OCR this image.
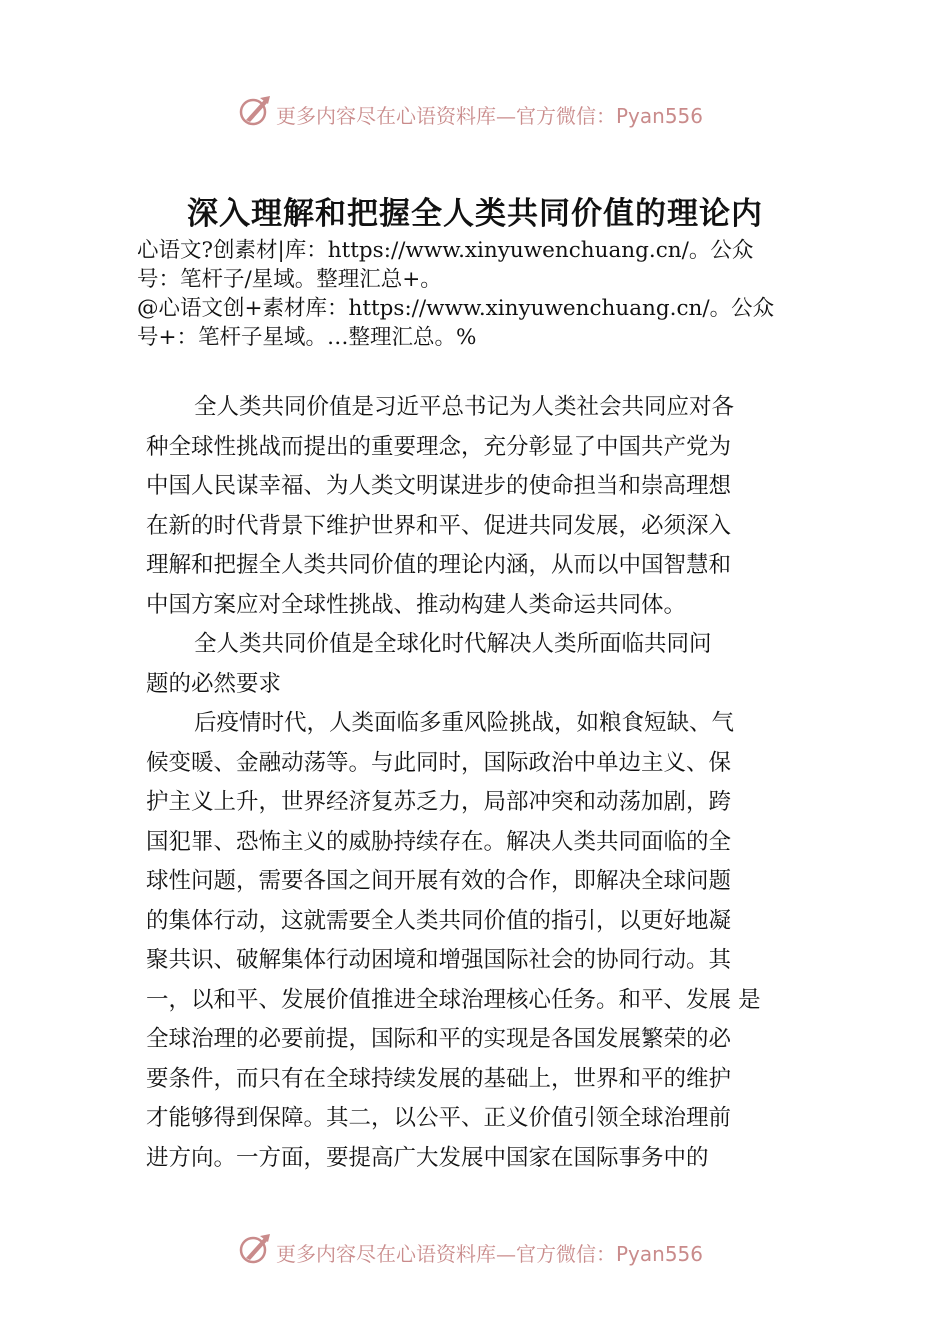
更多内容尽在心语资料库—官方微信：Pyan556
深入理解和把握全人类共同价值的理论内
心语文?创素材|库：https://www.xinyuwenchuang.cn/。公众
号：笔杆子/星域。整理汇总+。
@心语文创+素材库：https://www.xinyuwenchuang.cn/。公众
号+：笔杆子星域。…整理汇总。%
全人类共同价值是习近平总书记为人类社会共同应对各
种全球性挑战而提出的重要理念，充分彰显了中国共产党为
中国人民谋幸福、为人类文明谋进步的使命担当和崇高理想
在新的时代背景下维护世界和平、促进共同发展，必须深入
理解和把握全人类共同价值的理论内涵，从而以中国智慧和
中国方案应对全球性挑战、推动构建人类命运共同体。
全人类共同价值是全球化时代解决人类所面临共同问
题的必然要求
后疫情时代，人类面临多重风险挑战，如粮食短缺、气
候变暖、金融动荡等。与此同时，国际政治中单边主义、保
护主义上升，世界经济复苏乏力，局部冲突和动荡加剧，跨
国犯罪、恐怖主义的威胁持续存在。解决人类共同面临的全
球性问题，需要各国之间开展有效的合作，即解决全球问题
的集体行动，这就需要全人类共同价值的指引，以更好地凝
聚共识、破解集体行动困境和增强国际社会的协同行动。其
一，以和平、发展价值推进全球治理核心任务。和平、发展 是
全球治理的必要前提，国际和平的实现是各国发展繁荣的必
要条件，而只有在全球持续发展的基础上，世界和平的维护
才能够得到保障。其二，以公平、正义价值引领全球治理前
进方向。一方面，要提高广大发展中国家在国际事务中的
更多内容尽在心语资料库—官方微信：Pyan556
